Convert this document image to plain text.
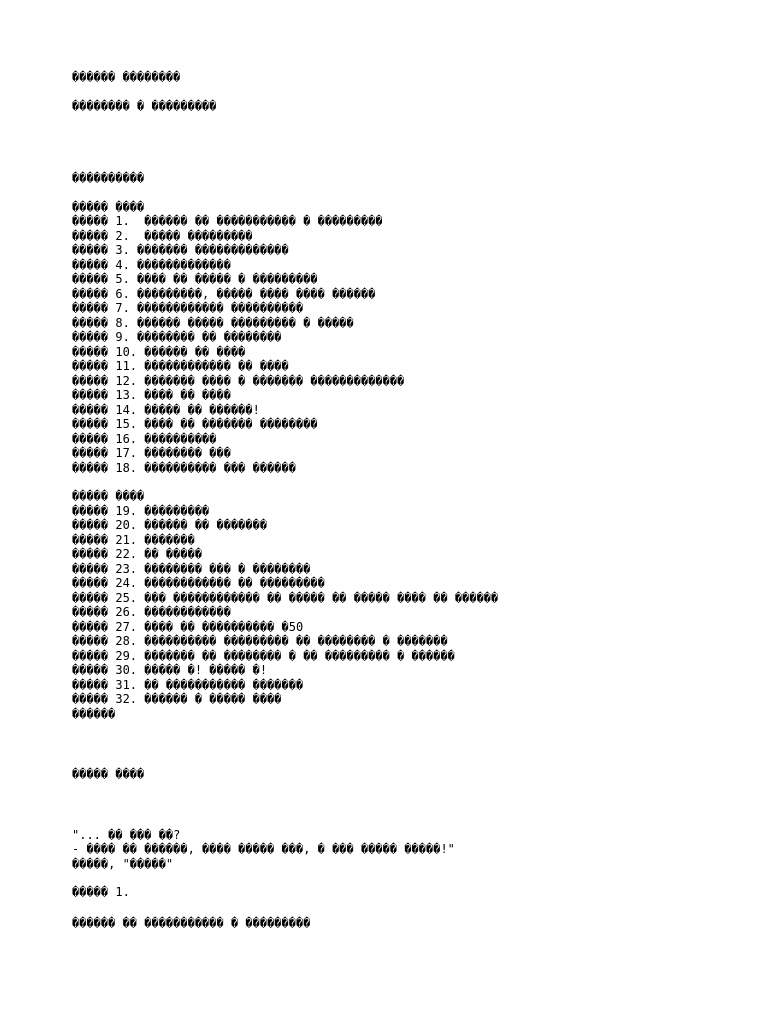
������ ��������
�������� � ���������
����������
����� ����
����� 1.  ������ �� ����������� � ���������
����� 2.  ����� ���������
����� 3. ������� �������������
����� 4. �������������
����� 5. ���� �� ����� � ���������
����� 6. ���������, ����� ���� ���� ������
����� 7. ������������ ����������
����� 8. ������ ����� ��������� � �����
����� 9. �������� �� ��������
����� 10. ������ �� ����
����� 11. ������������ �� ����
����� 12. ������� ���� � ������� �������������
����� 13. ���� �� ����
����� 14. ����� �� ������!
����� 15. ���� �� ������� ��������
����� 16. ����������
����� 17. �������� ���
����� 18. ���������� ��� ������
����� ����
����� 19. ���������
����� 20. ������ �� �������
����� 21. �������
����� 22. �� �����
����� 23. �������� ��� � ��������
����� 24. ������������ �� ���������
����� 25. ��� ������������ �� ����� �� ����� ���� �� ������
����� 26. ������������
����� 27. ���� �� ���������� �50
����� 28. ���������� ��������� �� �������� � �������
����� 29. ������� �� �������� � �� ��������� � ������
����� 30. ����� �! ����� �!
����� 31. �� ����������� �������
����� 32. ������ � ����� ����
������
����� ����
"... �� ��� ��?
- ���� �� ������, ���� ����� ���, � ��� ����� �����!"
�����, "�����"
����� 1.
������ �� ����������� � ���������
